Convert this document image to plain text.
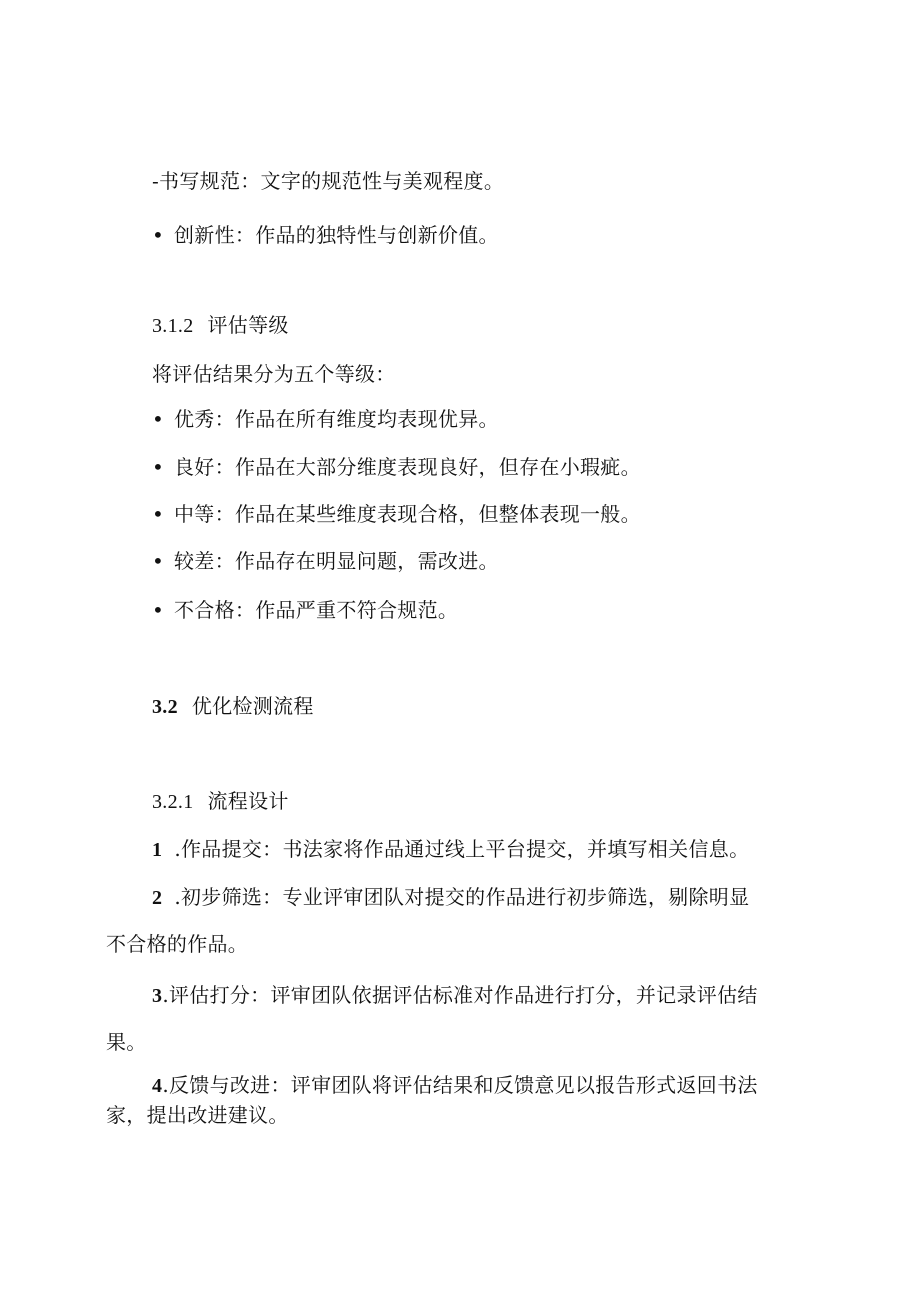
-书写规范：文字的规范性与美观程度。
• 创新性：作品的独特性与创新价值。
3.1.2 评估等级
将评估结果分为五个等级：
• 优秀：作品在所有维度均表现优异。
• 良好：作品在大部分维度表现良好，但存在小瑕疵。
• 中等：作品在某些维度表现合格，但整体表现一般。
• 较差：作品存在明显问题，需改进。
• 不合格：作品严重不符合规范。
3.2 优化检测流程
3.2.1 流程设计
1 .作品提交：书法家将作品通过线上平台提交，并填写相关信息。
2 .初步筛选：专业评审团队对提交的作品进行初步筛选，剔除明显
不合格的作品。
3.评估打分：评审团队依据评估标准对作品进行打分，并记录评估结
果。
4.反馈与改进：评审团队将评估结果和反馈意见以报告形式返回书法
家，提出改进建议。
